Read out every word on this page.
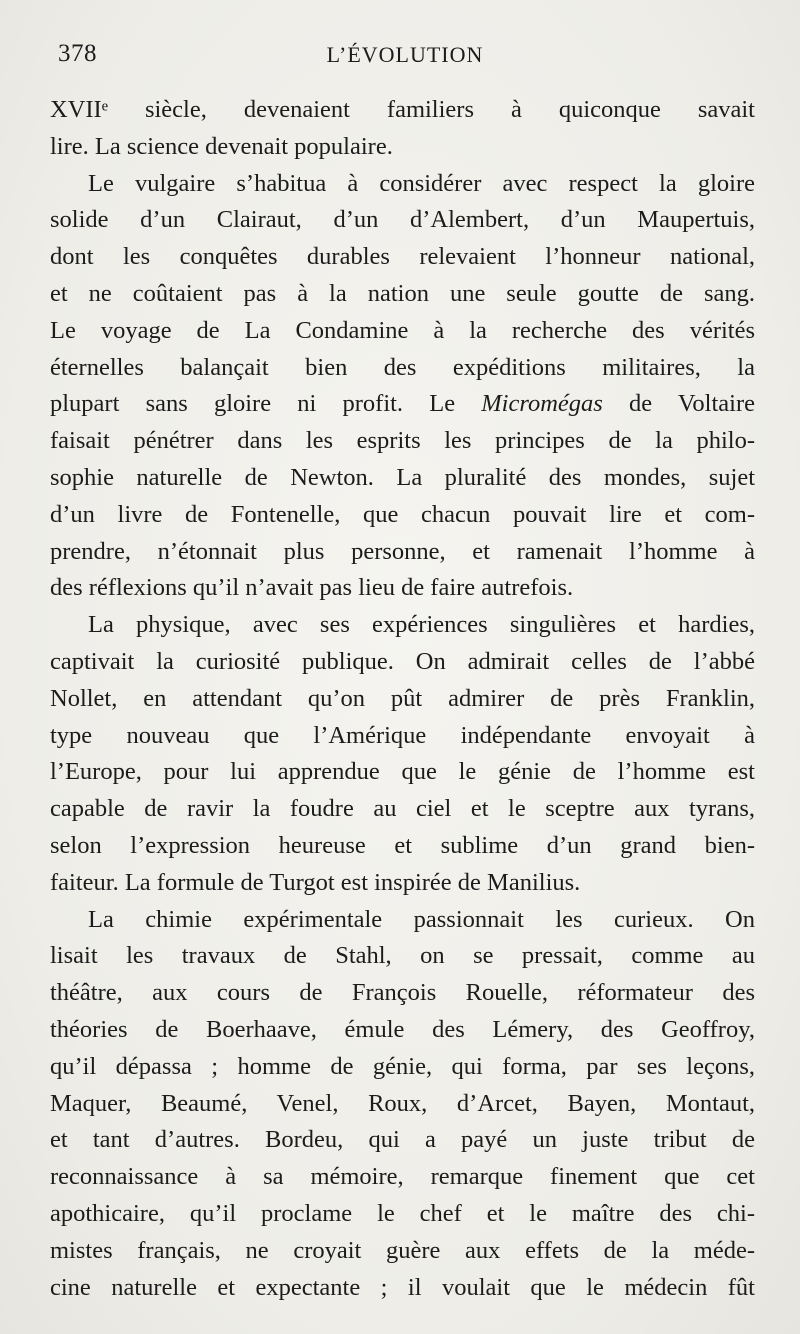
378	L’ÉVOLUTION
XVIIᵉ siècle, devenaient familiers à quiconque savait
lire. La science devenait populaire.
Le vulgaire s’habitua à considérer avec respect la gloire
solide d’un Clairaut, d’un d’Alembert, d’un Maupertuis,
dont les conquêtes durables relevaient l’honneur national,
et ne coûtaient pas à la nation une seule goutte de sang.
Le voyage de La Condamine à la recherche des vérités
éternelles balançait bien des expéditions militaires, la
plupart sans gloire ni profit. Le Micromégas de Voltaire
faisait pénétrer dans les esprits les principes de la philo-
sophie naturelle de Newton. La pluralité des mondes, sujet
d’un livre de Fontenelle, que chacun pouvait lire et com-
prendre, n’étonnait plus personne, et ramenait l’homme à
des réflexions qu’il n’avait pas lieu de faire autrefois.
La physique, avec ses expériences singulières et hardies,
captivait la curiosité publique. On admirait celles de l’abbé
Nollet, en attendant qu’on pût admirer de près Franklin,
type nouveau que l’Amérique indépendante envoyait à
l’Europe, pour lui apprendue que le génie de l’homme est
capable de ravir la foudre au ciel et le sceptre aux tyrans,
selon l’expression heureuse et sublime d’un grand bien-
faiteur. La formule de Turgot est inspirée de Manilius.
La chimie expérimentale passionnait les curieux. On
lisait les travaux de Stahl, on se pressait, comme au
théâtre, aux cours de François Rouelle, réformateur des
théories de Boerhaave, émule des Lémery, des Geoffroy,
qu’il dépassa ; homme de génie, qui forma, par ses leçons,
Maquer, Beaumé, Venel, Roux, d’Arcet, Bayen, Montaut,
et tant d’autres. Bordeu, qui a payé un juste tribut de
reconnaissance à sa mémoire, remarque finement que cet
apothicaire, qu’il proclame le chef et le maître des chi-
mistes français, ne croyait guère aux effets de la méde-
cine naturelle et expectante ; il voulait que le médecin fût
